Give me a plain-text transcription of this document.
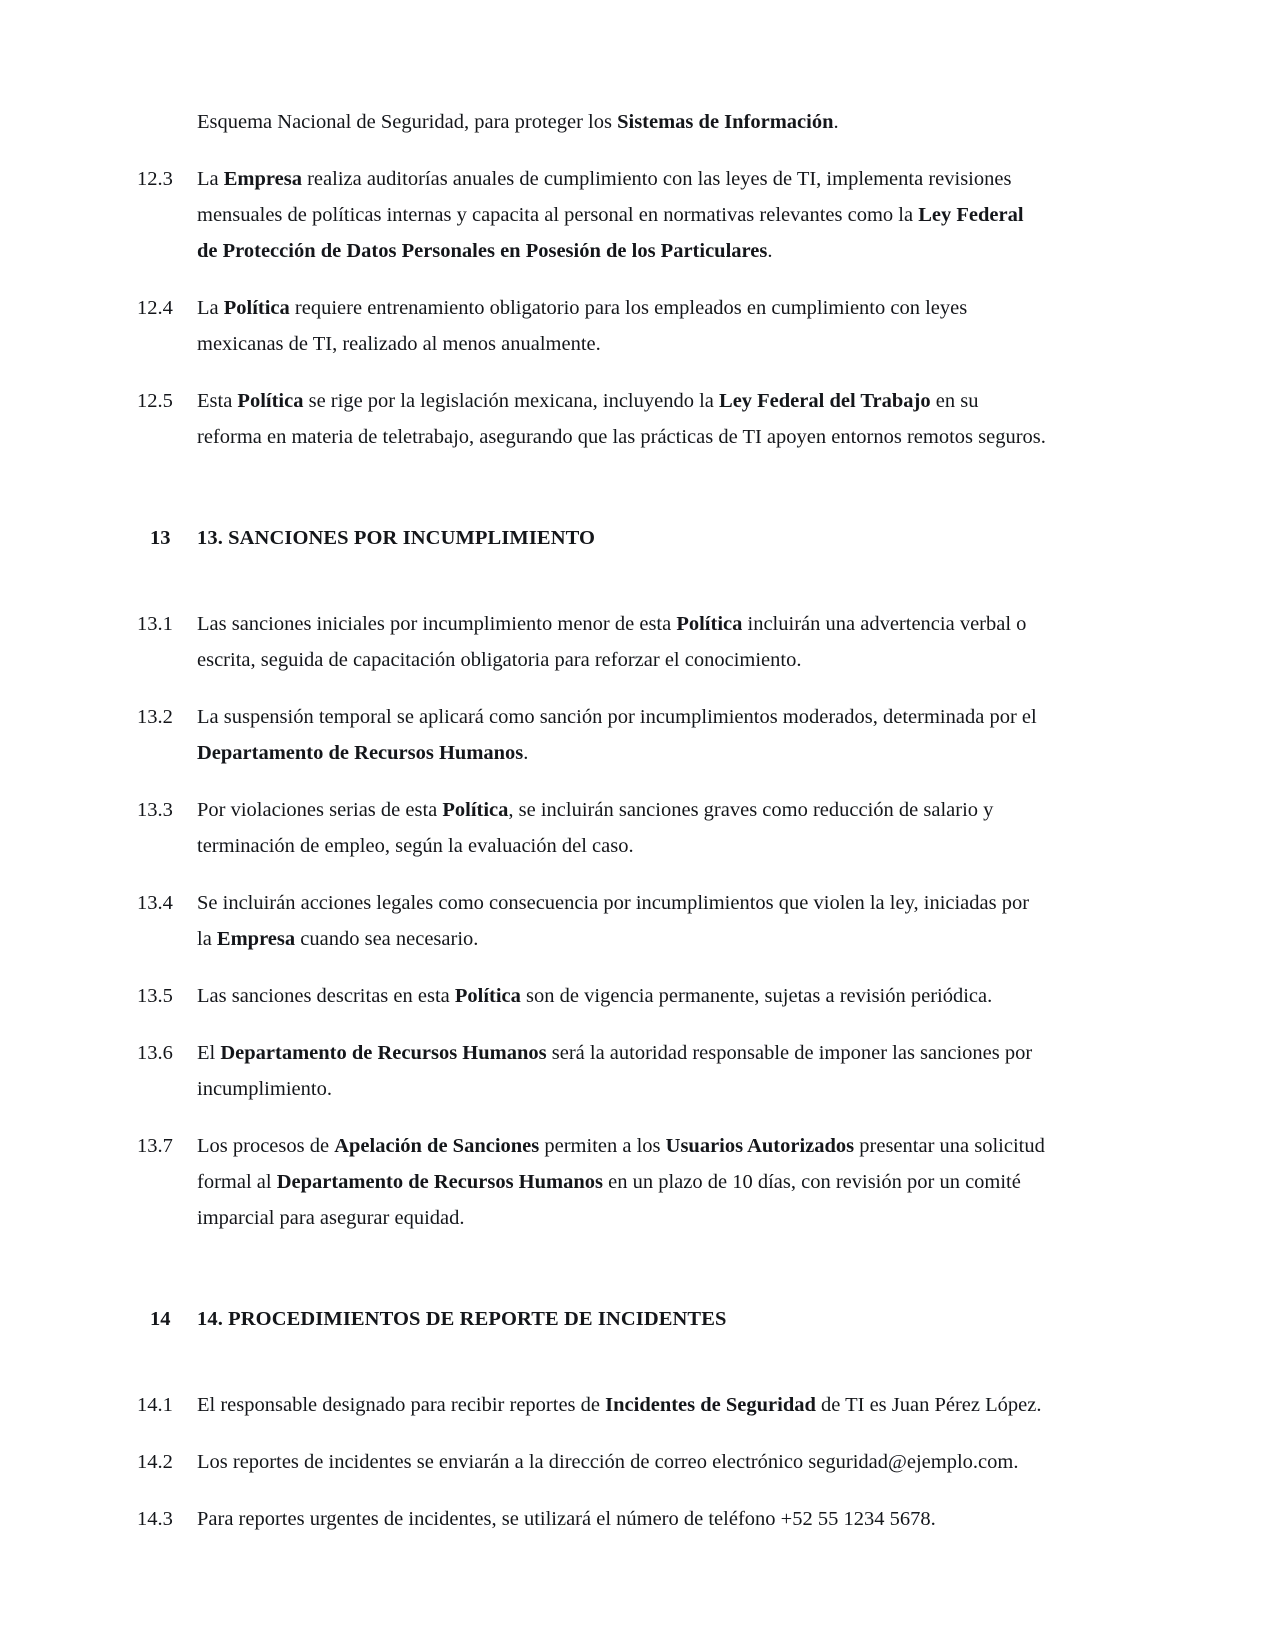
Esquema Nacional de Seguridad, para proteger los Sistemas de Información.
12.3	La Empresa realiza auditorías anuales de cumplimiento con las leyes de TI, implementa revisiones mensuales de políticas internas y capacita al personal en normativas relevantes como la Ley Federal de Protección de Datos Personales en Posesión de los Particulares.
12.4	La Política requiere entrenamiento obligatorio para los empleados en cumplimiento con leyes mexicanas de TI, realizado al menos anualmente.
12.5	Esta Política se rige por la legislación mexicana, incluyendo la Ley Federal del Trabajo en su reforma en materia de teletrabajo, asegurando que las prácticas de TI apoyen entornos remotos seguros.
13	13. SANCIONES POR INCUMPLIMIENTO
13.1	Las sanciones iniciales por incumplimiento menor de esta Política incluirán una advertencia verbal o escrita, seguida de capacitación obligatoria para reforzar el conocimiento.
13.2	La suspensión temporal se aplicará como sanción por incumplimientos moderados, determinada por el Departamento de Recursos Humanos.
13.3	Por violaciones serias de esta Política, se incluirán sanciones graves como reducción de salario y terminación de empleo, según la evaluación del caso.
13.4	Se incluirán acciones legales como consecuencia por incumplimientos que violen la ley, iniciadas por la Empresa cuando sea necesario.
13.5	Las sanciones descritas en esta Política son de vigencia permanente, sujetas a revisión periódica.
13.6	El Departamento de Recursos Humanos será la autoridad responsable de imponer las sanciones por incumplimiento.
13.7	Los procesos de Apelación de Sanciones permiten a los Usuarios Autorizados presentar una solicitud formal al Departamento de Recursos Humanos en un plazo de 10 días, con revisión por un comité imparcial para asegurar equidad.
14	14. PROCEDIMIENTOS DE REPORTE DE INCIDENTES
14.1	El responsable designado para recibir reportes de Incidentes de Seguridad de TI es Juan Pérez López.
14.2	Los reportes de incidentes se enviarán a la dirección de correo electrónico seguridad@ejemplo.com.
14.3	Para reportes urgentes de incidentes, se utilizará el número de teléfono +52 55 1234 5678.
